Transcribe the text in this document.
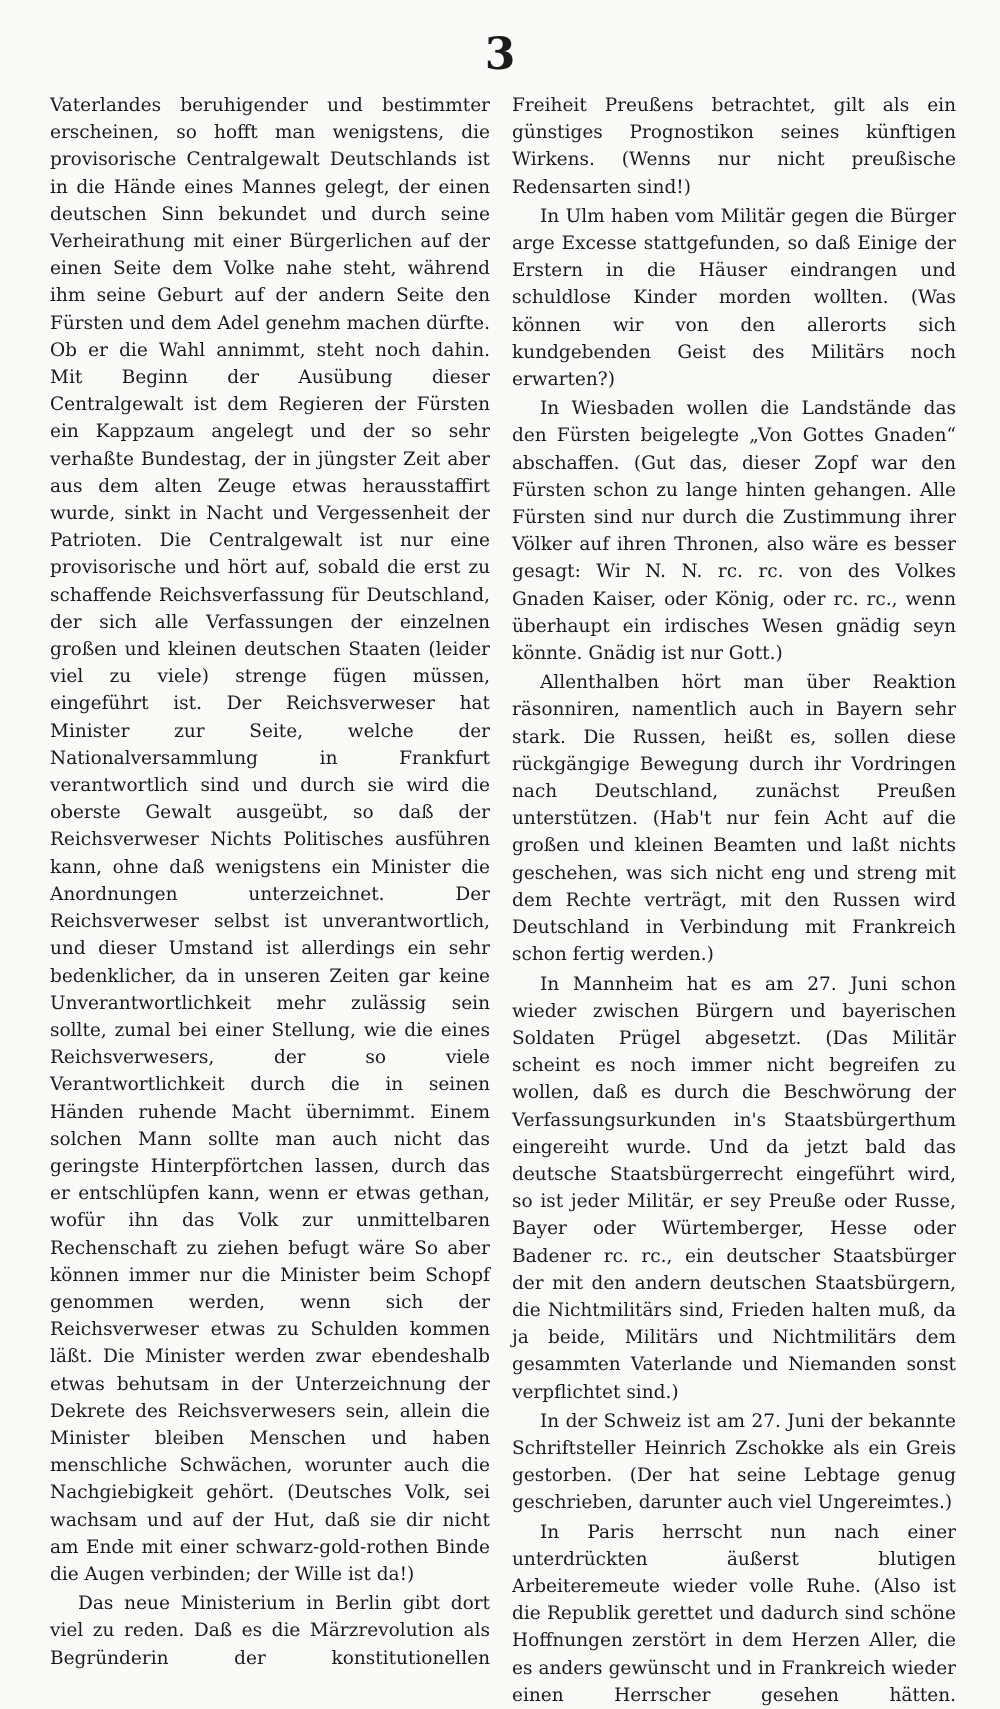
3

Vaterlandes beruhigender und bestimmter erscheinen, so hofft man wenigstens, die provisorische Centralgewalt Deutschlands ist in die Hände eines Mannes gelegt, der einen deutschen Sinn bekundet und durch seine Verheirathung mit einer Bürgerlichen auf der einen Seite dem Volke nahe steht, während ihm seine Geburt auf der andern Seite den Fürsten und dem Adel genehm machen dürfte. Ob er die Wahl annimmt, steht noch dahin. Mit Beginn der Ausübung dieser Centralgewalt ist dem Regieren der Fürsten ein Kappzaum angelegt und der so sehr verhaßte Bundestag, der in jüngster Zeit aber aus dem alten Zeuge etwas herausstaffirt wurde, sinkt in Nacht und Vergessenheit der Patrioten. Die Centralgewalt ist nur eine provisorische und hört auf, sobald die erst zu schaffende Reichsverfassung für Deutschland, der sich alle Verfassungen der einzelnen großen und kleinen deutschen Staaten (leider viel zu viele) strenge fügen müssen, eingeführt ist. Der Reichsverweser hat Minister zur Seite, welche der Nationalversammlung in Frankfurt verantwortlich sind und durch sie wird die oberste Gewalt ausgeübt, so daß der Reichsverweser Nichts Politisches ausführen kann, ohne daß wenigstens ein Minister die Anordnungen unterzeichnet. Der Reichsverweser selbst ist unverantwortlich, und dieser Umstand ist allerdings ein sehr bedenklicher, da in unseren Zeiten gar keine Unverantwortlichkeit mehr zulässig sein sollte, zumal bei einer Stellung, wie die eines Reichsverwesers, der so viele Verantwortlichkeit durch die in seinen Händen ruhende Macht übernimmt. Einem solchen Mann sollte man auch nicht das geringste Hinterpförtchen lassen, durch das er entschlüpfen kann, wenn er etwas gethan, wofür ihn das Volk zur unmittelbaren Rechenschaft zu ziehen befugt wäre So aber können immer nur die Minister beim Schopf genommen werden, wenn sich der Reichsverweser etwas zu Schulden kommen läßt. Die Minister werden zwar ebendeshalb etwas behutsam in der Unterzeichnung der Dekrete des Reichsverwesers sein, allein die Minister bleiben Menschen und haben menschliche Schwächen, worunter auch die Nachgiebigkeit gehört. (Deutsches Volk, sei wachsam und auf der Hut, daß sie dir nicht am Ende mit einer schwarz-gold-rothen Binde die Augen verbinden; der Wille ist da!)

Das neue Ministerium in Berlin gibt dort viel zu reden. Daß es die Märzrevolution als Begründerin der konstitutionellen

Freiheit Preußens betrachtet, gilt als ein günstiges Prognostikon seines künftigen Wirkens. (Wenns nur nicht preußische Redensarten sind!)

In Ulm haben vom Militär gegen die Bürger arge Excesse stattgefunden, so daß Einige der Erstern in die Häuser eindrangen und schuldlose Kinder morden wollten. (Was können wir von den allerorts sich kundgebenden Geist des Militärs noch erwarten?)

In Wiesbaden wollen die Landstände das den Fürsten beigelegte „Von Gottes Gnaden“ abschaffen. (Gut das, dieser Zopf war den Fürsten schon zu lange hinten gehangen. Alle Fürsten sind nur durch die Zustimmung ihrer Völker auf ihren Thronen, also wäre es besser gesagt: Wir N. N. rc. rc. von des Volkes Gnaden Kaiser, oder König, oder rc. rc., wenn überhaupt ein irdisches Wesen gnädig seyn könnte. Gnädig ist nur Gott.)

Allenthalben hört man über Reaktion räsonniren, namentlich auch in Bayern sehr stark. Die Russen, heißt es, sollen diese rückgängige Bewegung durch ihr Vordringen nach Deutschland, zunächst Preußen unterstützen. (Hab't nur fein Acht auf die großen und kleinen Beamten und laßt nichts geschehen, was sich nicht eng und streng mit dem Rechte verträgt, mit den Russen wird Deutschland in Verbindung mit Frankreich schon fertig werden.)

In Mannheim hat es am 27. Juni schon wieder zwischen Bürgern und bayerischen Soldaten Prügel abgesetzt. (Das Militär scheint es noch immer nicht begreifen zu wollen, daß es durch die Beschwörung der Verfassungsurkunden in's Staatsbürgerthum eingereiht wurde. Und da jetzt bald das deutsche Staatsbürgerrecht eingeführt wird, so ist jeder Militär, er sey Preuße oder Russe, Bayer oder Würtemberger, Hesse oder Badener rc. rc., ein deutscher Staatsbürger der mit den andern deutschen Staatsbürgern, die Nichtmilitärs sind, Frieden halten muß, da ja beide, Militärs und Nichtmilitärs dem gesammten Vaterlande und Niemanden sonst verpflichtet sind.)

In der Schweiz ist am 27. Juni der bekannte Schriftsteller Heinrich Zschokke als ein Greis gestorben. (Der hat seine Lebtage genug geschrieben, darunter auch viel Ungereimtes.)

In Paris herrscht nun nach einer unterdrückten äußerst blutigen Arbeiteremeute wieder volle Ruhe. (Also ist die Republik gerettet und dadurch sind schöne Hoffnungen zerstört in dem Herzen Aller, die es anders gewünscht und in Frankreich wieder einen Herrscher gesehen hätten.
